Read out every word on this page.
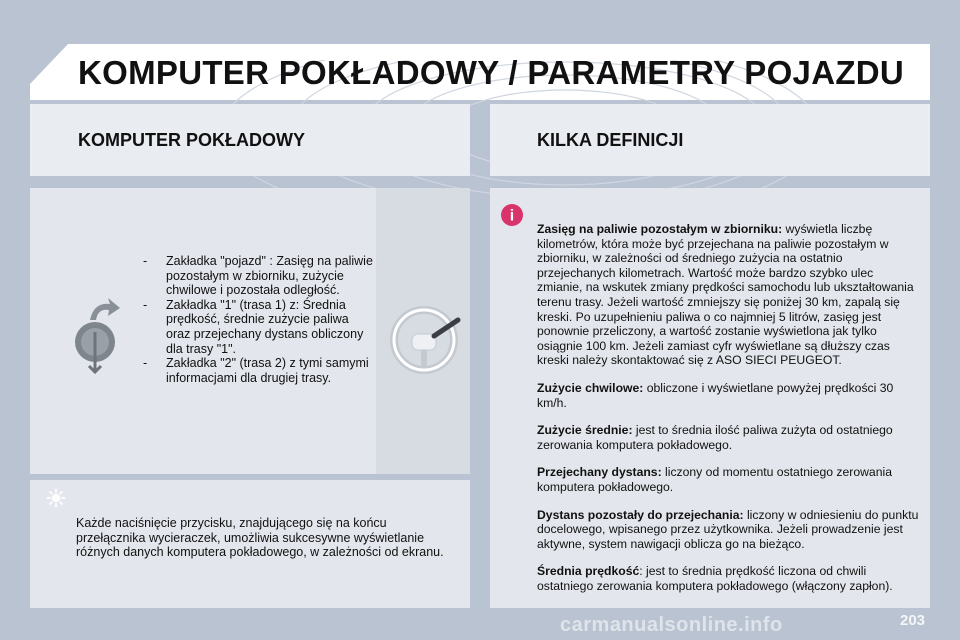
KOMPUTER POKŁADOWY / PARAMETRY POJAZDU
KOMPUTER POKŁADOWY	KILKA DEFINICJI
- Zakładka "pojazd" : Zasięg na paliwie pozostałym w zbiorniku, zużycie chwilowe i pozostała odległość.
- Zakładka "1" (trasa 1) z: Średnia prędkość, średnie zużycie paliwa oraz przejechany dystans obliczony dla trasy "1".
- Zakładka "2" (trasa 2) z tymi samymi informacjami dla drugiej trasy.
Każde naciśnięcie przycisku, znajdującego się na końcu przełącznika wycieraczek, umożliwia sukcesywne wyświetlanie różnych danych komputera pokładowego, w zależności od ekranu.
i

Zasięg na paliwie pozostałym w zbiorniku: wyświetla liczbę kilometrów, która może być przejechana na paliwie pozostałym w zbiorniku, w zależności od średniego zużycia na ostatnio przejechanych kilometrach. Wartość może bardzo szybko ulec zmianie, na wskutek zmiany prędkości samochodu lub ukształtowania terenu trasy. Jeżeli wartość zmniejszy się poniżej 30 km, zapalą się kreski. Po uzupełnieniu paliwa o co najmniej 5 litrów, zasięg jest ponownie przeliczony, a wartość zostanie wyświetlona jak tylko osiągnie 100 km. Jeżeli zamiast cyfr wyświetlane są dłuższy czas kreski należy skontaktować się z ASO SIECI PEUGEOT.

Zużycie chwilowe: obliczone i wyświetlane powyżej prędkości 30 km/h.

Zużycie średnie: jest to średnia ilość paliwa zużyta od ostatniego zerowania komputera pokładowego.

Przejechany dystans: liczony od momentu ostatniego zerowania komputera pokładowego.

Dystans pozostały do przejechania: liczony w odniesieniu do punktu docelowego, wpisanego przez użytkownika. Jeżeli prowadzenie jest aktywne, system nawigacji oblicza go na bieżąco.

Średnia prędkość: jest to średnia prędkość liczona od chwili ostatniego zerowania komputera pokładowego (włączony zapłon).

carmanualsonline.info	203
